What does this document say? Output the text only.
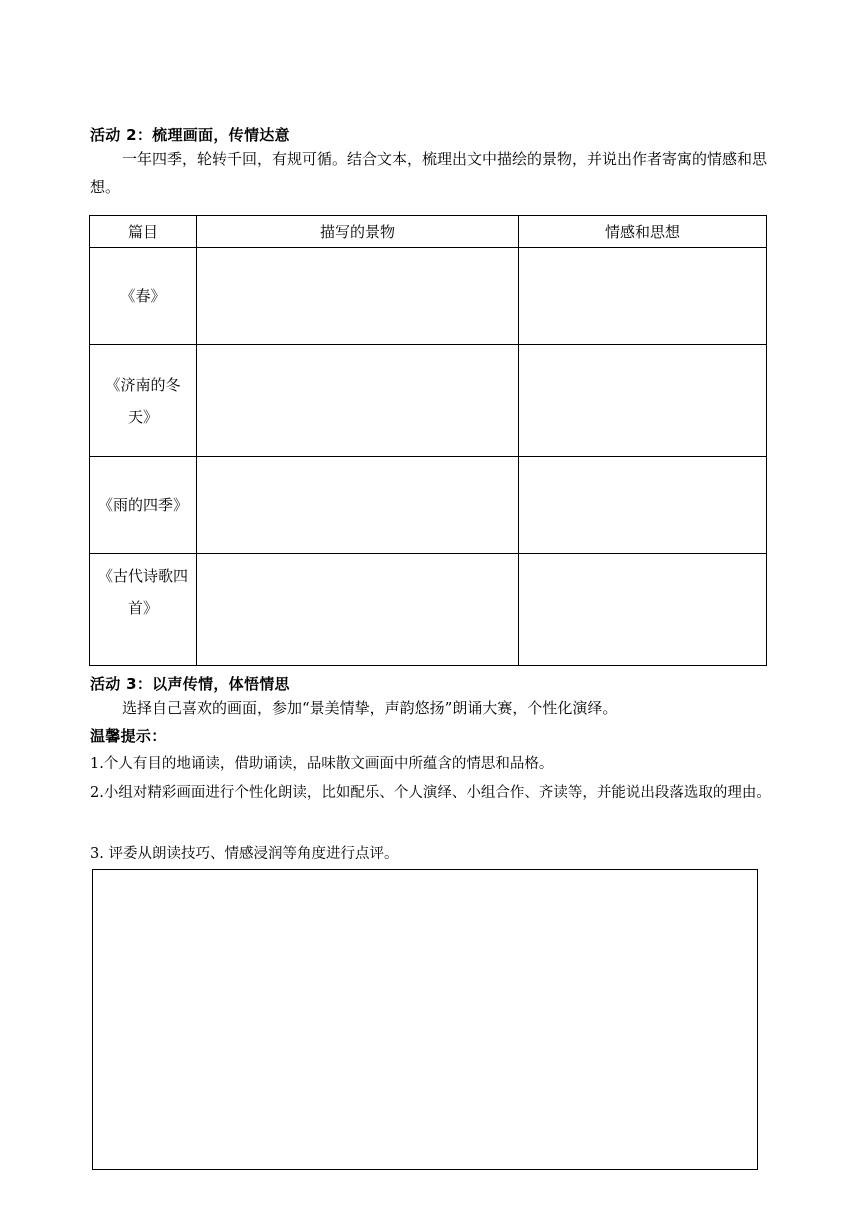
活动 2：梳理画面，传情达意
一年四季，轮转千回，有规可循。结合文本，梳理出文中描绘的景物，并说出作者寄寓的情感和思想。
篇目	描写的景物	情感和思想
《春》		
《济南的冬天》		
《雨的四季》		
《古代诗歌四首》		
活动 3：以声传情，体悟情思
选择自己喜欢的画面，参加“景美情挚，声韵悠扬”朗诵大赛，个性化演绎。
温馨提示：
1.个人有目的地诵读，借助诵读，品味散文画面中所蕴含的情思和品格。
2.小组对精彩画面进行个性化朗读，比如配乐、个人演绎、小组合作、齐读等，并能说出段落选取的理由。
3. 评委从朗读技巧、情感浸润等角度进行点评。
